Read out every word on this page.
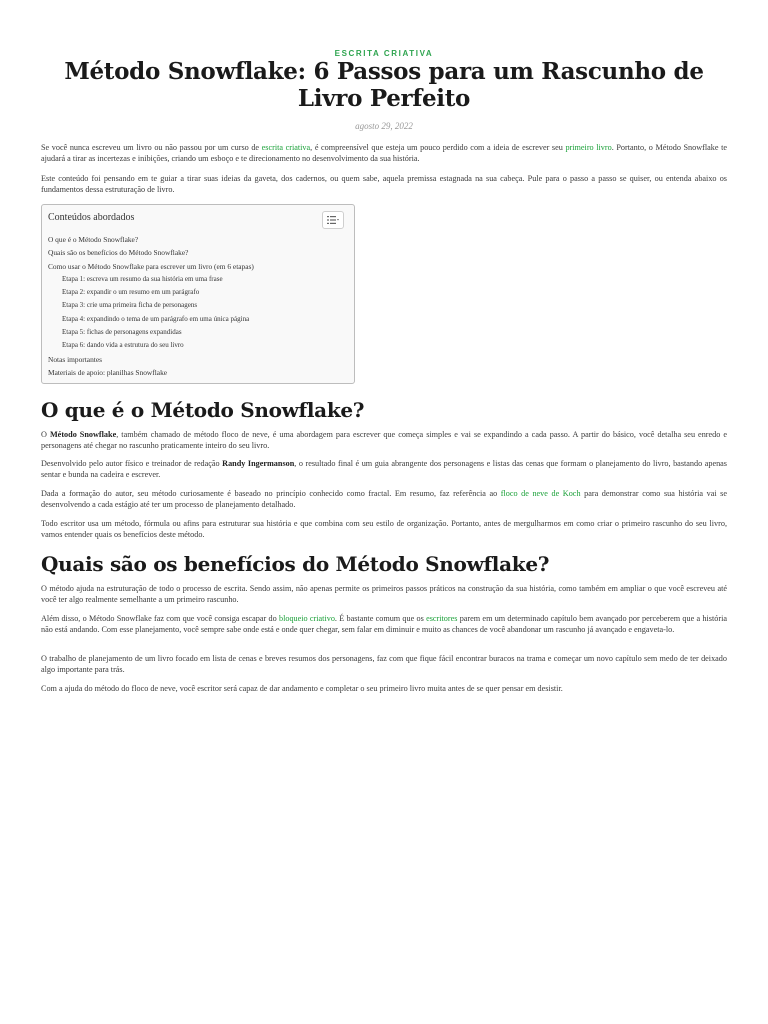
ESCRITA CRIATIVA
Método Snowflake: 6 Passos para um Rascunho de Livro Perfeito
agosto 29, 2022

Se você nunca escreveu um livro ou não passou por um curso de escrita criativa, é compreensível que esteja um pouco perdido com a ideia de escrever seu primeiro livro. Portanto, o Método Snowflake te ajudará a tirar as incertezas e inibições, criando um esboço e te direcionamento no desenvolvimento da sua história.

Este conteúdo foi pensando em te guiar a tirar suas ideias da gaveta, dos cadernos, ou quem sabe, aquela premissa estagnada na sua cabeça. Pule para o passo a passo se quiser, ou entenda abaixo os fundamentos dessa estruturação de livro.

Conteúdos abordados
O que é o Método Snowflake?
Quais são os benefícios do Método Snowflake?
Como usar o Método Snowflake para escrever um livro (em 6 etapas)
Etapa 1: escreva um resumo da sua história em uma frase
Etapa 2: expandir o um resumo em um parágrafo
Etapa 3: crie uma primeira ficha de personagens
Etapa 4: expandindo o tema de um parágrafo em uma única página
Etapa 5: fichas de personagens expandidas
Etapa 6: dando vida a estrutura do seu livro
Notas importantes
Materiais de apoio: planilhas Snowflake
O que é o Método Snowflake?

O Método Snowflake, também chamado de método floco de neve, é uma abordagem para escrever que começa simples e vai se expandindo a cada passo. A partir do básico, você detalha seu enredo e personagens até chegar no rascunho praticamente inteiro do seu livro.

Desenvolvido pelo autor físico e treinador de redação Randy Ingermanson, o resultado final é um guia abrangente dos personagens e listas das cenas que formam o planejamento do livro, bastando apenas sentar e bunda na cadeira e escrever.

Dada a formação do autor, seu método curiosamente é baseado no princípio conhecido como fractal. Em resumo, faz referência ao floco de neve de Koch para demonstrar como sua história vai se desenvolvendo a cada estágio até ter um processo de planejamento detalhado.

Todo escritor usa um método, fórmula ou afins para estruturar sua história e que combina com seu estilo de organização. Portanto, antes de mergulharmos em como criar o primeiro rascunho do seu livro, vamos entender quais os benefícios deste método.

Quais são os benefícios do Método Snowflake?

O método ajuda na estruturação de todo o processo de escrita. Sendo assim, não apenas permite os primeiros passos práticos na construção da sua história, como também em ampliar o que você escreveu até você ter algo realmente semelhante a um primeiro rascunho.

Além disso, o Método Snowflake faz com que você consiga escapar do bloqueio criativo. É bastante comum que os escritores parem em um determinado capítulo bem avançado por perceberem que a história não está andando. Com esse planejamento, você sempre sabe onde está e onde quer chegar, sem falar em diminuir e muito as chances de você abandonar um rascunho já avançado e engaveta-lo.

O trabalho de planejamento de um livro focado em lista de cenas e breves resumos dos personagens, faz com que fique fácil encontrar buracos na trama e começar um novo capítulo sem medo de ter deixado algo importante para trás.

Com a ajuda do método do floco de neve, você escritor será capaz de dar andamento e completar o seu primeiro livro muita antes de se quer pensar em desistir.
